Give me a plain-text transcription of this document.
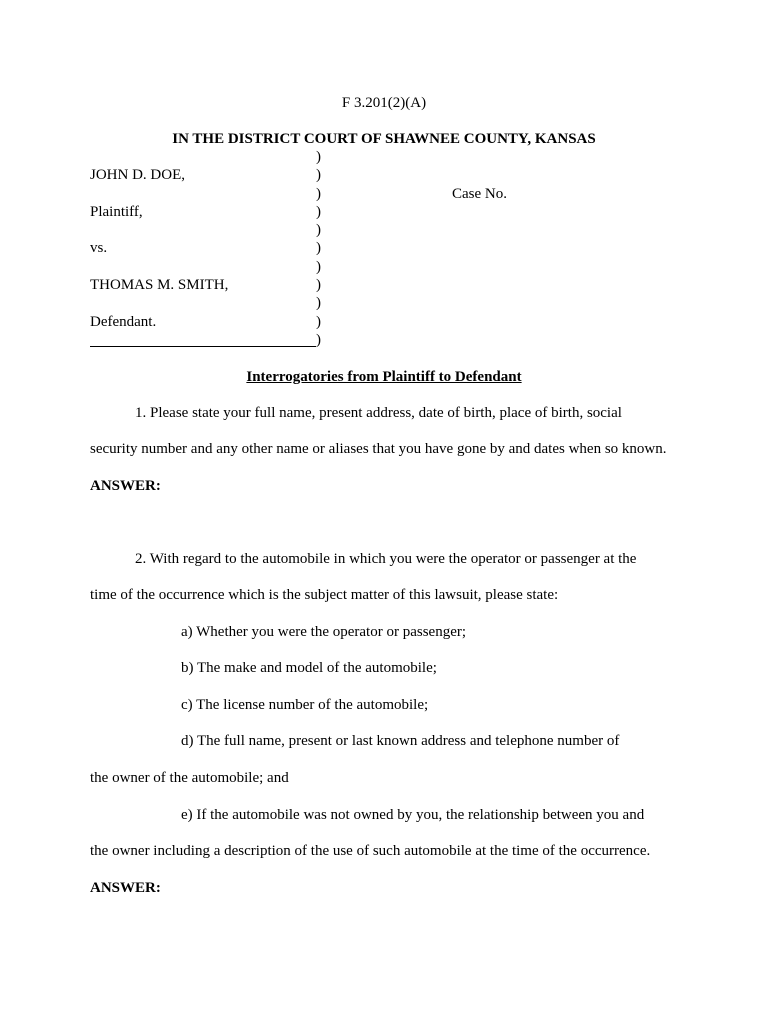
F 3.201(2)(A)
IN THE DISTRICT COURT OF SHAWNEE COUNTY, KANSAS
)
JOHN D. DOE,	)
)	Case No.
Plaintiff,	)
)
vs.	)
)
THOMAS M. SMITH,	)
)
Defendant.	)
)
Interrogatories from Plaintiff to Defendant
1. Please state your full name, present address, date of birth, place of birth, social
security number and any other name or aliases that you have gone by and dates when so known.
ANSWER:
2. With regard to the automobile in which you were the operator or passenger at the
time of the occurrence which is the subject matter of this lawsuit, please state:
a) Whether you were the operator or passenger;
b) The make and model of the automobile;
c) The license number of the automobile;
d) The full name, present or last known address and telephone number of
the owner of the automobile; and
e) If the automobile was not owned by you, the relationship between you and
the owner including a description of the use of such automobile at the time of the occurrence.
ANSWER:
